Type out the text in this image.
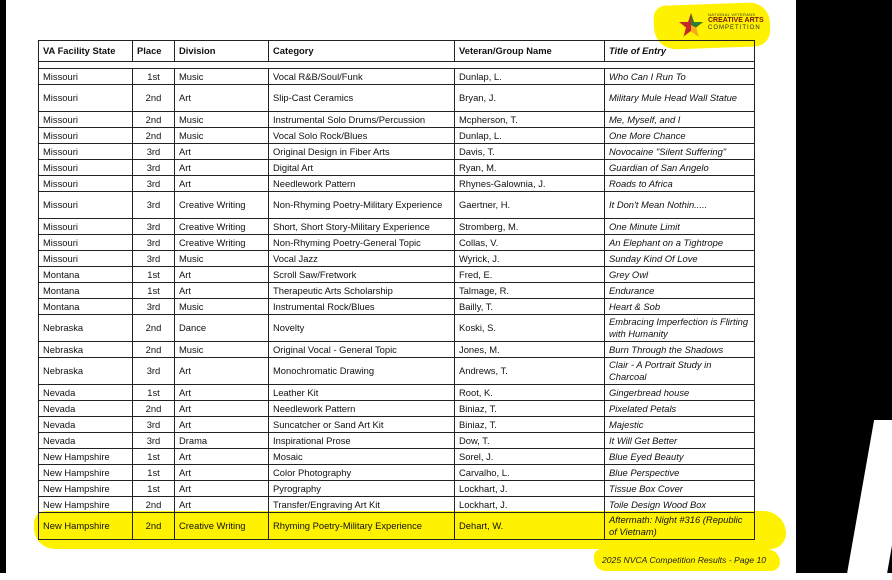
NATIONAL VETERANS
CREATIVE ARTS
COMPETITION
VA Facility State	Place	Division	Category	Veteran/Group Name	Title of Entry

Missouri	1st	Music	Vocal R&B/Soul/Funk	Dunlap, L.	Who Can I Run To
Missouri	2nd	Art	Slip-Cast Ceramics	Bryan, J.	Military Mule Head Wall Statue
Missouri	2nd	Music	Instrumental Solo Drums/Percussion	Mcpherson, T.	Me, Myself, and I
Missouri	2nd	Music	Vocal Solo Rock/Blues	Dunlap, L.	One More Chance
Missouri	3rd	Art	Original Design in Fiber Arts	Davis, T.	Novocaine "Silent Suffering"
Missouri	3rd	Art	Digital Art	Ryan, M.	Guardian of San Angelo
Missouri	3rd	Art	Needlework Pattern	Rhynes-Galownia, J.	Roads to Africa
Missouri	3rd	Creative Writing	Non-Rhyming Poetry-Military Experience	Gaertner, H.	It Don't Mean Nothin.....
Missouri	3rd	Creative Writing	Short, Short Story-Military Experience	Stromberg, M.	One Minute Limit
Missouri	3rd	Creative Writing	Non-Rhyming Poetry-General Topic	Collas, V.	An Elephant on a Tightrope
Missouri	3rd	Music	Vocal Jazz	Wyrick, J.	Sunday Kind Of Love
Montana	1st	Art	Scroll Saw/Fretwork	Fred, E.	Grey Owl
Montana	1st	Art	Therapeutic Arts Scholarship	Talmage, R.	Endurance
Montana	3rd	Music	Instrumental Rock/Blues	Bailly, T.	Heart & Sob
Nebraska	2nd	Dance	Novelty	Koski, S.	Embracing Imperfection is Flirting with Humanity
Nebraska	2nd	Music	Original Vocal - General Topic	Jones, M.	Burn Through the Shadows
Nebraska	3rd	Art	Monochromatic Drawing	Andrews, T.	Clair - A Portrait Study in Charcoal
Nevada	1st	Art	Leather Kit	Root, K.	Gingerbread house
Nevada	2nd	Art	Needlework Pattern	Biniaz, T.	Pixelated Petals
Nevada	3rd	Art	Suncatcher or Sand Art Kit	Biniaz, T.	Majestic
Nevada	3rd	Drama	Inspirational Prose	Dow, T.	It Will Get Better
New Hampshire	1st	Art	Mosaic	Sorel, J.	Blue Eyed Beauty
New Hampshire	1st	Art	Color Photography	Carvalho, L.	Blue Perspective
New Hampshire	1st	Art	Pyrography	Lockhart, J.	Tissue Box Cover
New Hampshire	2nd	Art	Transfer/Engraving Art Kit	Lockhart, J.	Toile Design Wood Box
New Hampshire	2nd	Creative Writing	Rhyming Poetry-Military Experience	Dehart, W.	Aftermath: Night #316 (Republic of Vietnam)
2025 NVCA Competition Results - Page 10
